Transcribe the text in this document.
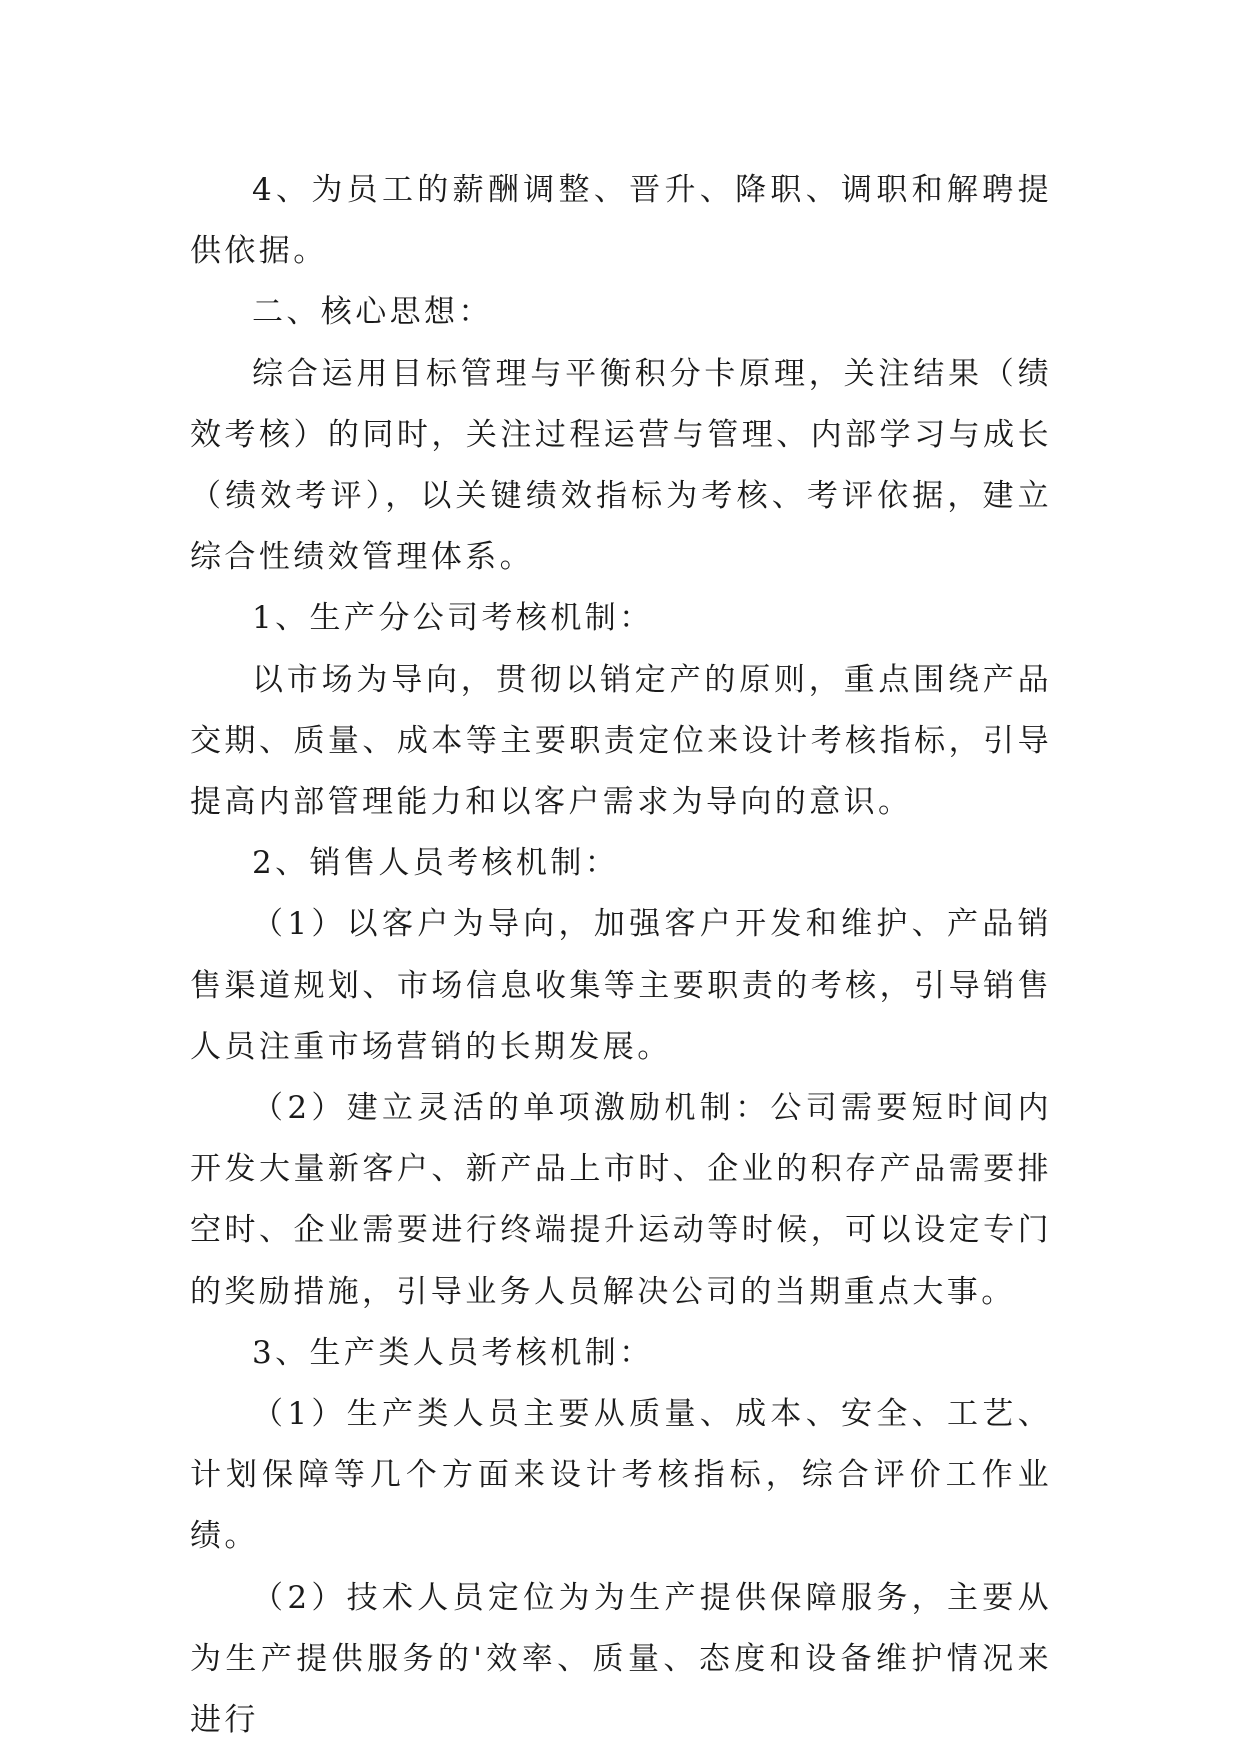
4、为员工的薪酬调整、晋升、降职、调职和解聘提供依据。

二、核心思想：

综合运用目标管理与平衡积分卡原理，关注结果（绩效考核）的同时，关注过程运营与管理、内部学习与成长（绩效考评），以关键绩效指标为考核、考评依据，建立综合性绩效管理体系。

1、生产分公司考核机制：

以市场为导向，贯彻以销定产的原则，重点围绕产品交期、质量、成本等主要职责定位来设计考核指标，引导提高内部管理能力和以客户需求为导向的意识。

2、销售人员考核机制：

（1）以客户为导向，加强客户开发和维护、产品销售渠道规划、市场信息收集等主要职责的考核，引导销售人员注重市场营销的长期发展。

（2）建立灵活的单项激励机制：公司需要短时间内开发大量新客户、新产品上市时、企业的积存产品需要排空时、企业需要进行终端提升运动等时候，可以设定专门的奖励措施，引导业务人员解决公司的当期重点大事。

3、生产类人员考核机制：

（1）生产类人员主要从质量、成本、安全、工艺、计划保障等几个方面来设计考核指标，综合评价工作业绩。

（2）技术人员定位为为生产提供保障服务，主要从为生产提供服务的'效率、质量、态度和设备维护情况来进行
